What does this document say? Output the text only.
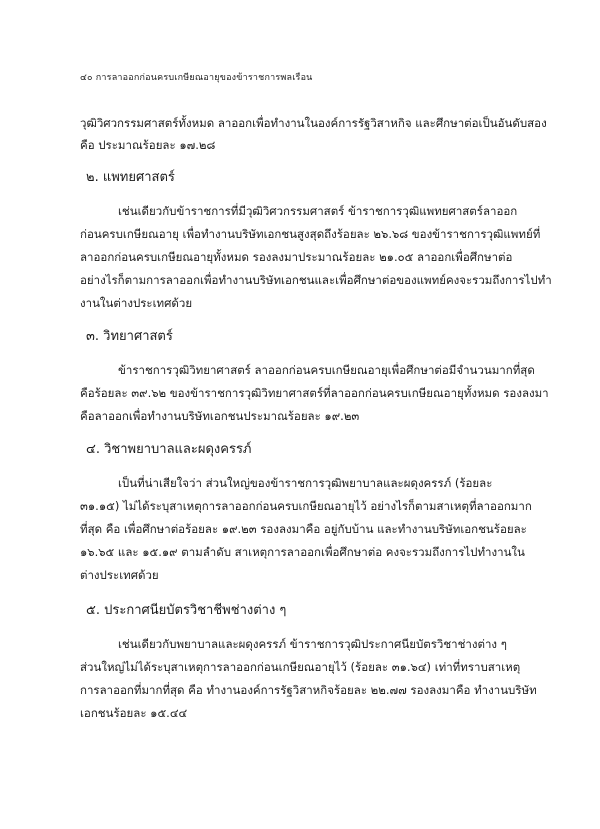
๔๐ การลาออกก่อนครบเกษียณอายุของข้าราชการพลเรือน
วุฒิวิศวกรรมศาสตร์ทั้งหมด ลาออกเพื่อทำงานในองค์การรัฐวิสาหกิจ และศึกษาต่อเป็นอันดับสอง
คือ ประมาณร้อยละ ๑๗.๒๘
๒. แพทยศาสตร์
เช่นเดียวกับข้าราชการที่มีวุฒิวิศวกรรมศาสตร์ ข้าราชการวุฒิแพทยศาสตร์ลาออก
ก่อนครบเกษียณอายุ เพื่อทำงานบริษัทเอกชนสูงสุดถึงร้อยละ ๒๖.๖๘ ของข้าราชการวุฒิแพทย์ที่
ลาออกก่อนครบเกษียณอายุทั้งหมด รองลงมาประมาณร้อยละ ๒๑.๐๕ ลาออกเพื่อศึกษาต่อ
อย่างไรก็ตามการลาออกเพื่อทำงานบริษัทเอกชนและเพื่อศึกษาต่อของแพทย์คงจะรวมถึงการไปทำ
งานในต่างประเทศด้วย
๓. วิทยาศาสตร์
ข้าราชการวุฒิวิทยาศาสตร์ ลาออกก่อนครบเกษียณอายุเพื่อศึกษาต่อมีจำนวนมากที่สุด
คือร้อยละ ๓๙.๖๒ ของข้าราชการวุฒิวิทยาศาสตร์ที่ลาออกก่อนครบเกษียณอายุทั้งหมด รองลงมา
คือลาออกเพื่อทำงานบริษัทเอกชนประมาณร้อยละ ๑๙.๒๓
๔. วิชาพยาบาลและผดุงครรภ์
เป็นที่น่าเสียใจว่า ส่วนใหญ่ของข้าราชการวุฒิพยาบาลและผดุงครรภ์ (ร้อยละ
๓๑.๑๕) ไม่ได้ระบุสาเหตุการลาออกก่อนครบเกษียณอายุไว้ อย่างไรก็ตามสาเหตุที่ลาออกมาก
ที่สุด คือ เพื่อศึกษาต่อร้อยละ ๑๙.๒๓ รองลงมาคือ อยู่กับบ้าน และทำงานบริษัทเอกชนร้อยละ
๑๖.๖๕ และ ๑๕.๑๙ ตามลำดับ สาเหตุการลาออกเพื่อศึกษาต่อ คงจะรวมถึงการไปทำงานใน
ต่างประเทศด้วย
๕. ประกาศนียบัตรวิชาชีพช่างต่าง ๆ
เช่นเดียวกับพยาบาลและผดุงครรภ์ ข้าราชการวุฒิประกาศนียบัตรวิชาช่างต่าง ๆ
ส่วนใหญ่ไม่ได้ระบุสาเหตุการลาออกก่อนเกษียณอายุไว้ (ร้อยละ ๓๑.๖๔) เท่าที่ทราบสาเหตุ
การลาออกที่มากที่สุด คือ ทำงานองค์การรัฐวิสาหกิจร้อยละ ๒๒.๗๗ รองลงมาคือ ทำงานบริษัท
เอกชนร้อยละ ๑๕.๔๔
